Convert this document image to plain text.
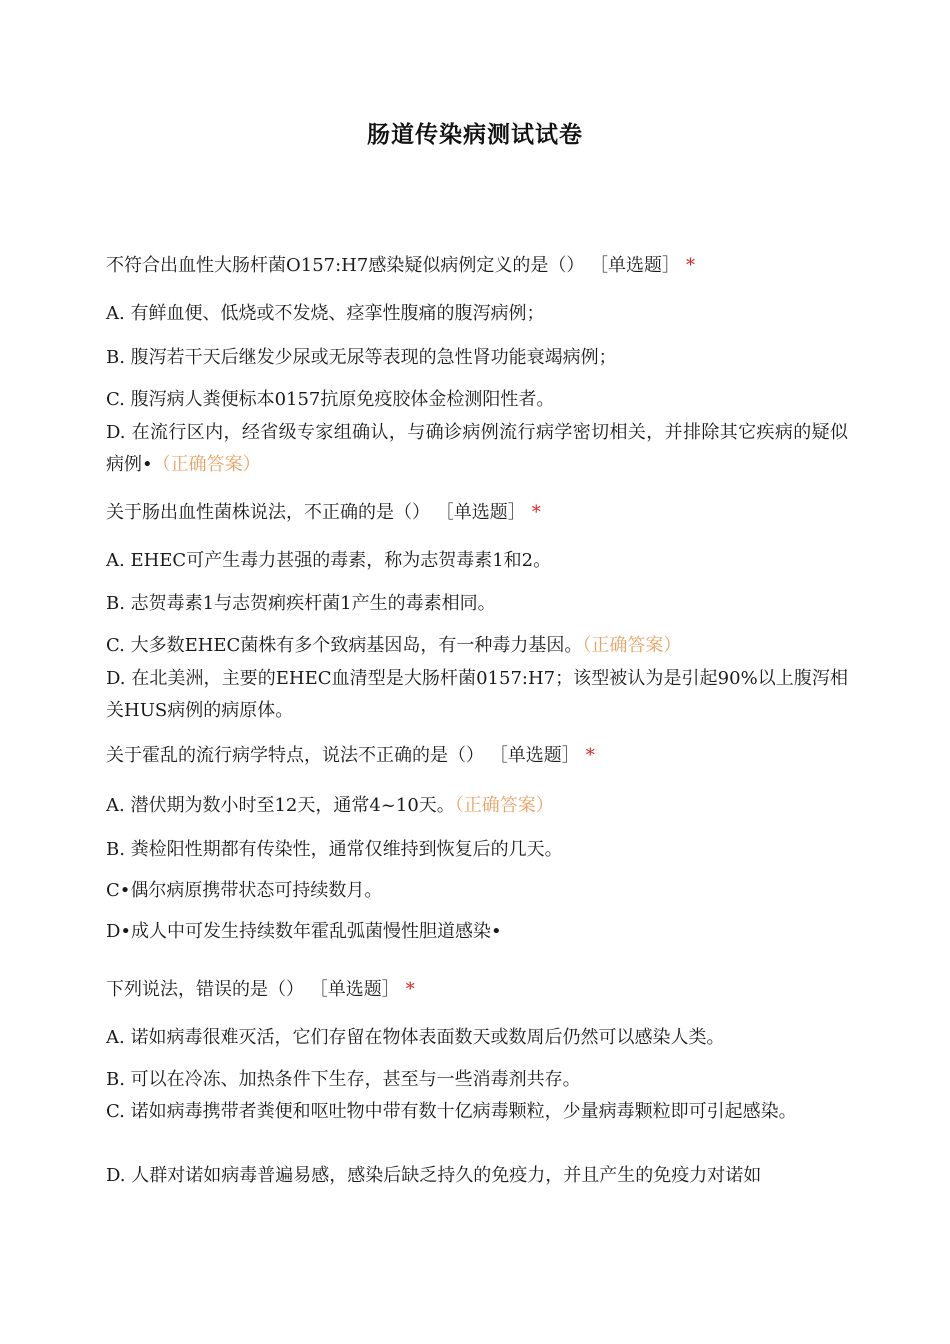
肠道传染病测试试卷
不符合出血性大肠杆菌O157:H7感染疑似病例定义的是（） ［单选题］ *
A. 有鲜血便、低烧或不发烧、痉挛性腹痛的腹泻病例；
B. 腹泻若干天后继发少尿或无尿等表现的急性肾功能衰竭病例；
C. 腹泻病人粪便标本0157抗原免疫胶体金检测阳性者。
D. 在流行区内，经省级专家组确认，与确诊病例流行病学密切相关，并排除其它疾病的疑似病例•（正确答案）
关于肠出血性菌株说法，不正确的是（） ［单选题］ *
A. EHEC可产生毒力甚强的毒素，称为志贺毒素1和2。
B. 志贺毒素1与志贺痢疾杆菌1产生的毒素相同。
C. 大多数EHEC菌株有多个致病基因岛，有一种毒力基因。（正确答案）
D. 在北美洲，主要的EHEC血清型是大肠杆菌0157:H7；该型被认为是引起90%以上腹泻相关HUS病例的病原体。
关于霍乱的流行病学特点，说法不正确的是（） ［单选题］ *
A. 潜伏期为数小时至12天，通常4~10天。（正确答案）
B. 粪检阳性期都有传染性，通常仅维持到恢复后的几天。
C•偶尔病原携带状态可持续数月。
D•成人中可发生持续数年霍乱弧菌慢性胆道感染•
下列说法，错误的是（） ［单选题］ *
A. 诺如病毒很难灭活，它们存留在物体表面数天或数周后仍然可以感染人类。
B. 可以在冷冻、加热条件下生存，甚至与一些消毒剂共存。
C. 诺如病毒携带者粪便和呕吐物中带有数十亿病毒颗粒，少量病毒颗粒即可引起感染。
D. 人群对诺如病毒普遍易感，感染后缺乏持久的免疫力，并且产生的免疫力对诺如
